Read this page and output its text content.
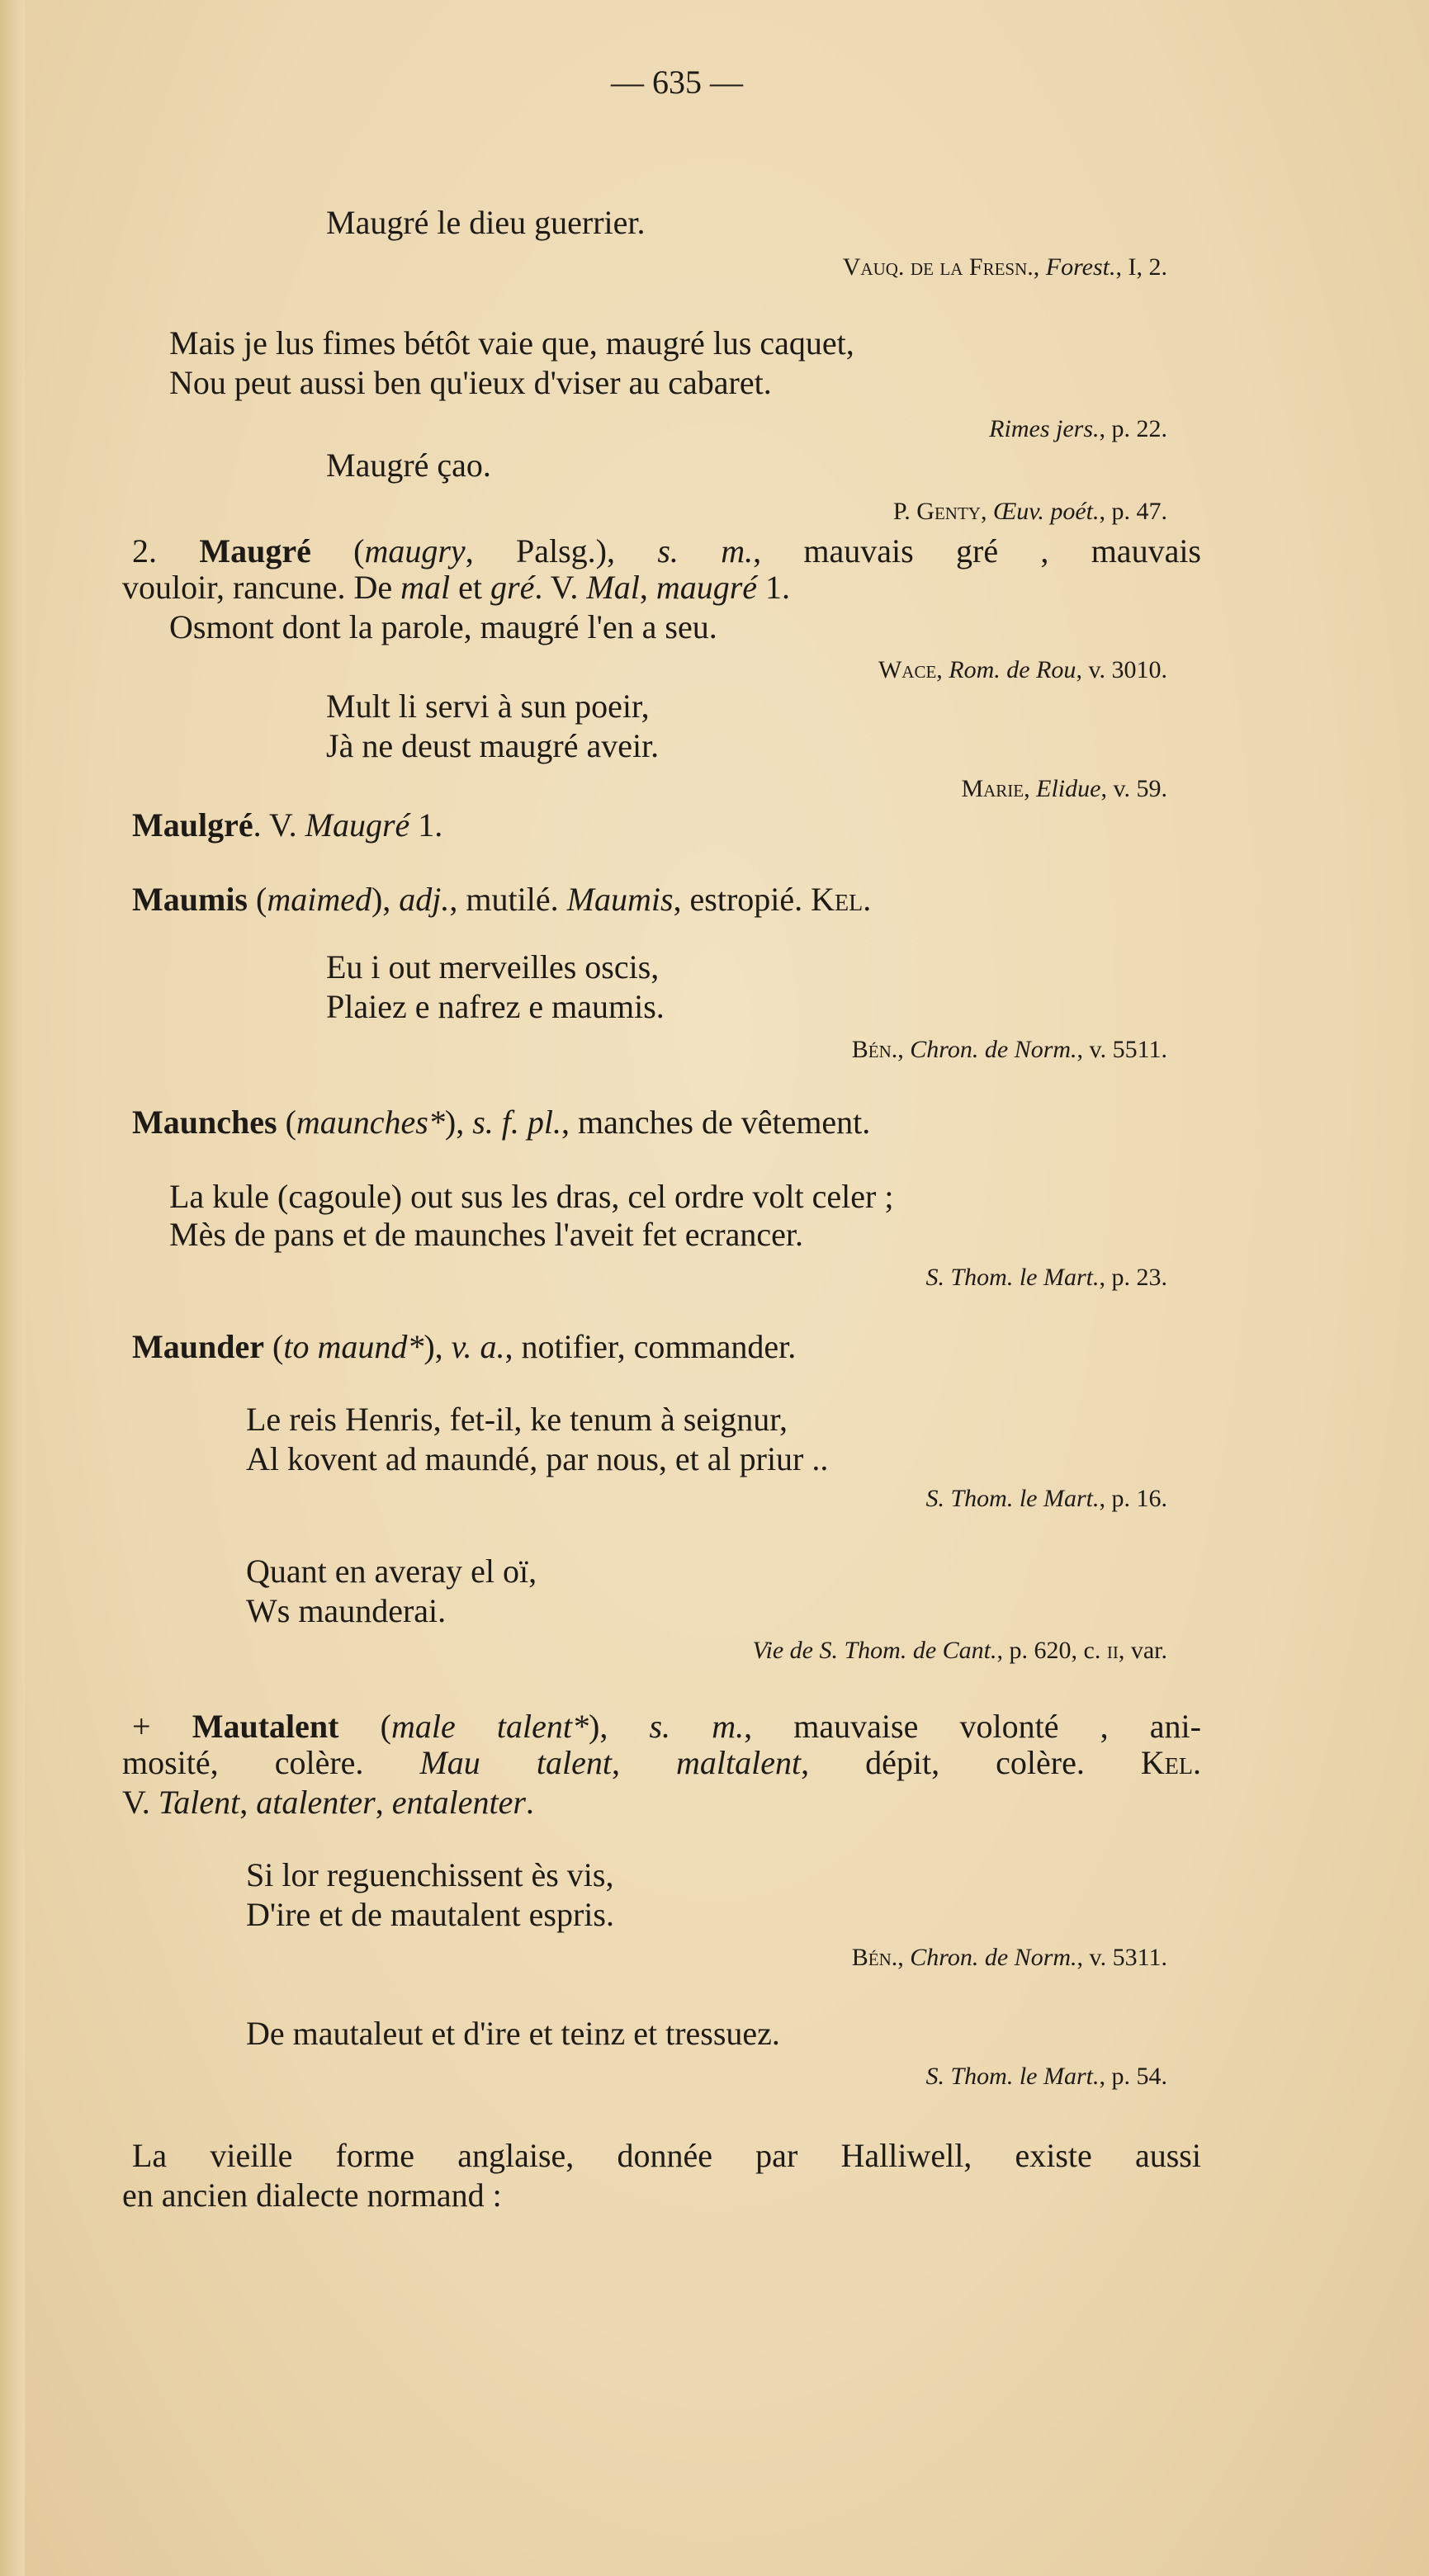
— 635 —
Maugré le dieu guerrier.
Vauq. de la Fresn., Forest., I, 2.
Mais je lus fimes bétôt vaie que, maugré lus caquet,
Nou peut aussi ben qu'ieux d'viser au cabaret.
Rimes jers., p. 22.
Maugré çao.
P. Genty, Œuv. poét., p. 47.
2. Maugré (maugry, Palsg.), s. m., mauvais gré , mauvais
vouloir, rancune. De mal et gré. V. Mal, maugré 1.
Osmont dont la parole, maugré l'en a seu.
Wace, Rom. de Rou, v. 3010.
Mult li servi à sun poeir,
Jà ne deust maugré aveir.
Marie, Elidue, v. 59.
Maulgré. V. Maugré 1.
Maumis (maimed), adj., mutilé. Maumis, estropié. Kel.
Eu i out merveilles oscis,
Plaiez e nafrez e maumis.
Bén., Chron. de Norm., v. 5511.
Maunches (maunches*), s. f. pl., manches de vêtement.
La kule (cagoule) out sus les dras, cel ordre volt celer ;
Mès de pans et de maunches l'aveit fet ecrancer.
S. Thom. le Mart., p. 23.
Maunder (to maund*), v. a., notifier, commander.
Le reis Henris, fet-il, ke tenum à seignur,
Al kovent ad maundé, par nous, et al priur ..
S. Thom. le Mart., p. 16.
Quant en averay el oï,
Ws maunderai.
Vie de S. Thom. de Cant., p. 620, c. ii, var.
+ Mautalent (male talent*), s. m., mauvaise volonté , ani-
mosité, colère. Mau talent, maltalent, dépit, colère. Kel.
V. Talent, atalenter, entalenter.
Si lor reguenchissent ès vis,
D'ire et de mautalent espris.
Bén., Chron. de Norm., v. 5311.
De mautaleut et d'ire et teinz et tressuez.
S. Thom. le Mart., p. 54.
La vieille forme anglaise, donnée par Halliwell, existe aussi
en ancien dialecte normand :
